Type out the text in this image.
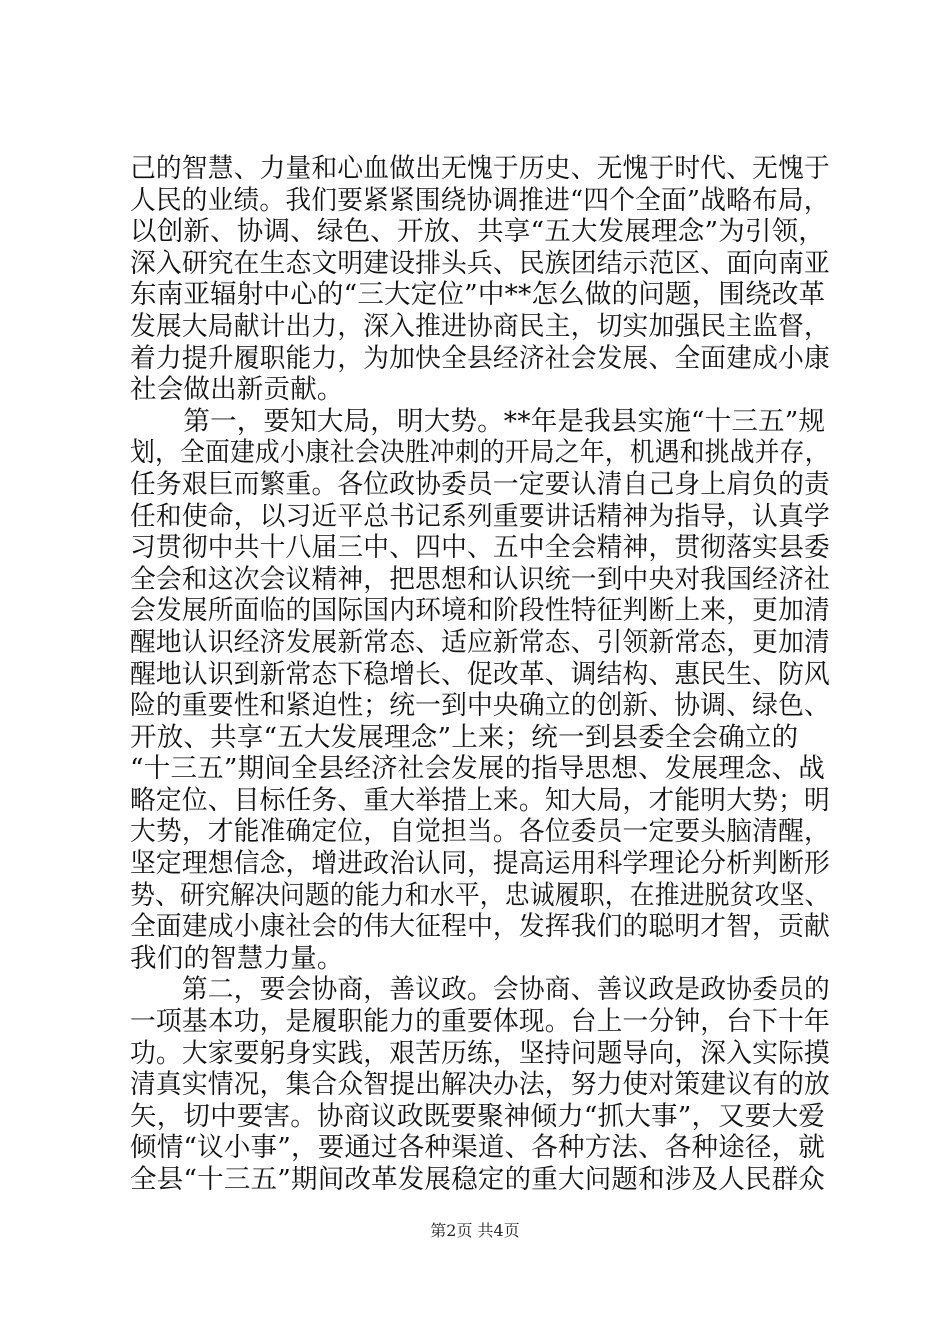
己的智慧、力量和心血做出无愧于历史、无愧于时代、无愧于
人民的业绩。我们要紧紧围绕协调推进“四个全面”战略布局，
以创新、协调、绿色、开放、共享“五大发展理念”为引领，
深入研究在生态文明建设排头兵、民族团结示范区、面向南亚
东南亚辐射中心的“三大定位”中**怎么做的问题，围绕改革
发展大局献计出力，深入推进协商民主，切实加强民主监督，
着力提升履职能力，为加快全县经济社会发展、全面建成小康
社会做出新贡献。
　　第一，要知大局，明大势。**年是我县实施“十三五”规
划，全面建成小康社会决胜冲刺的开局之年，机遇和挑战并存，
任务艰巨而繁重。各位政协委员一定要认清自己身上肩负的责
任和使命，以习近平总书记系列重要讲话精神为指导，认真学
习贯彻中共十八届三中、四中、五中全会精神，贯彻落实县委
全会和这次会议精神，把思想和认识统一到中央对我国经济社
会发展所面临的国际国内环境和阶段性特征判断上来，更加清
醒地认识经济发展新常态、适应新常态、引领新常态，更加清
醒地认识到新常态下稳增长、促改革、调结构、惠民生、防风
险的重要性和紧迫性；统一到中央确立的创新、协调、绿色、
开放、共享“五大发展理念”上来；统一到县委全会确立的
“十三五”期间全县经济社会发展的指导思想、发展理念、战
略定位、目标任务、重大举措上来。知大局，才能明大势；明
大势，才能准确定位，自觉担当。各位委员一定要头脑清醒，
坚定理想信念，增进政治认同，提高运用科学理论分析判断形
势、研究解决问题的能力和水平，忠诚履职，在推进脱贫攻坚、
全面建成小康社会的伟大征程中，发挥我们的聪明才智，贡献
我们的智慧力量。
　　第二，要会协商，善议政。会协商、善议政是政协委员的
一项基本功，是履职能力的重要体现。台上一分钟，台下十年
功。大家要躬身实践，艰苦历练，坚持问题导向，深入实际摸
清真实情况，集合众智提出解决办法，努力使对策建议有的放
矢，切中要害。协商议政既要聚神倾力“抓大事”，又要大爱
倾情“议小事”，要通过各种渠道、各种方法、各种途径，就
全县“十三五”期间改革发展稳定的重大问题和涉及人民群众
第2页 共4页
